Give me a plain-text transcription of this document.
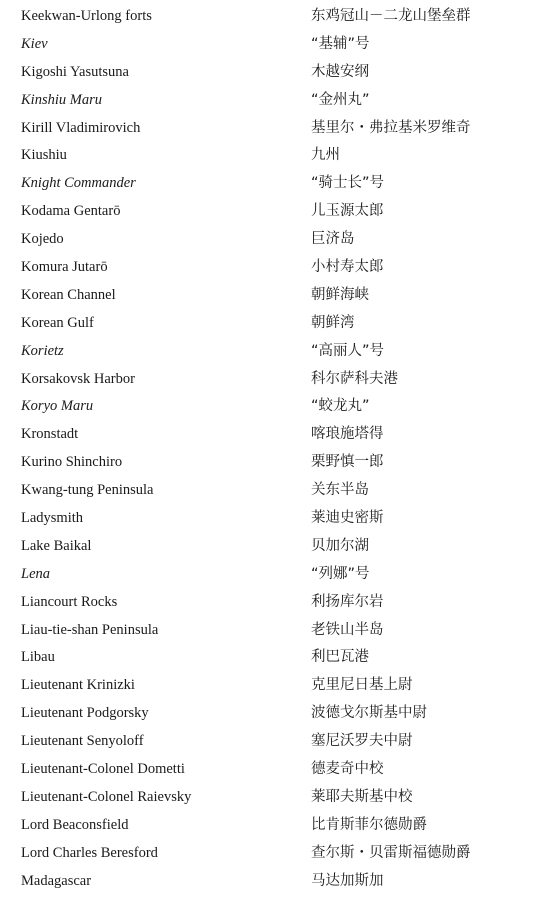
Keekwan-Urlong forts	东鸡冠山－二龙山堡垒群
Kiev	“基辅”号
Kigoshi Yasutsuna	木越安纲
Kinshiu Maru	“金州丸”
Kirill Vladimirovich	基里尔・弗拉基米罗维奇
Kiushiu	九州
Knight Commander	“骑士长”号
Kodama Gentarō	儿玉源太郎
Kojedo	巨济岛
Komura Jutarō	小村寿太郎
Korean Channel	朝鲜海峡
Korean Gulf	朝鲜湾
Korietz	“高丽人”号
Korsakovsk Harbor	科尔萨科夫港
Koryo Maru	“蛟龙丸”
Kronstadt	喀琅施塔得
Kurino Shinchiro	栗野慎一郎
Kwang-tung Peninsula	关东半岛
Ladysmith	莱迪史密斯
Lake Baikal	贝加尔湖
Lena	“列娜”号
Liancourt Rocks	利扬库尔岩
Liau-tie-shan Peninsula	老铁山半岛
Libau	利巴瓦港
Lieutenant Krinizki	克里尼日基上尉
Lieutenant Podgorsky	波德戈尔斯基中尉
Lieutenant Senyoloff	塞尼沃罗夫中尉
Lieutenant-Colonel Dometti	德麦奇中校
Lieutenant-Colonel Raievsky	莱耶夫斯基中校
Lord Beaconsfield	比肯斯菲尔德勋爵
Lord Charles Beresford	查尔斯・贝雷斯福德勋爵
Madagascar	马达加斯加
